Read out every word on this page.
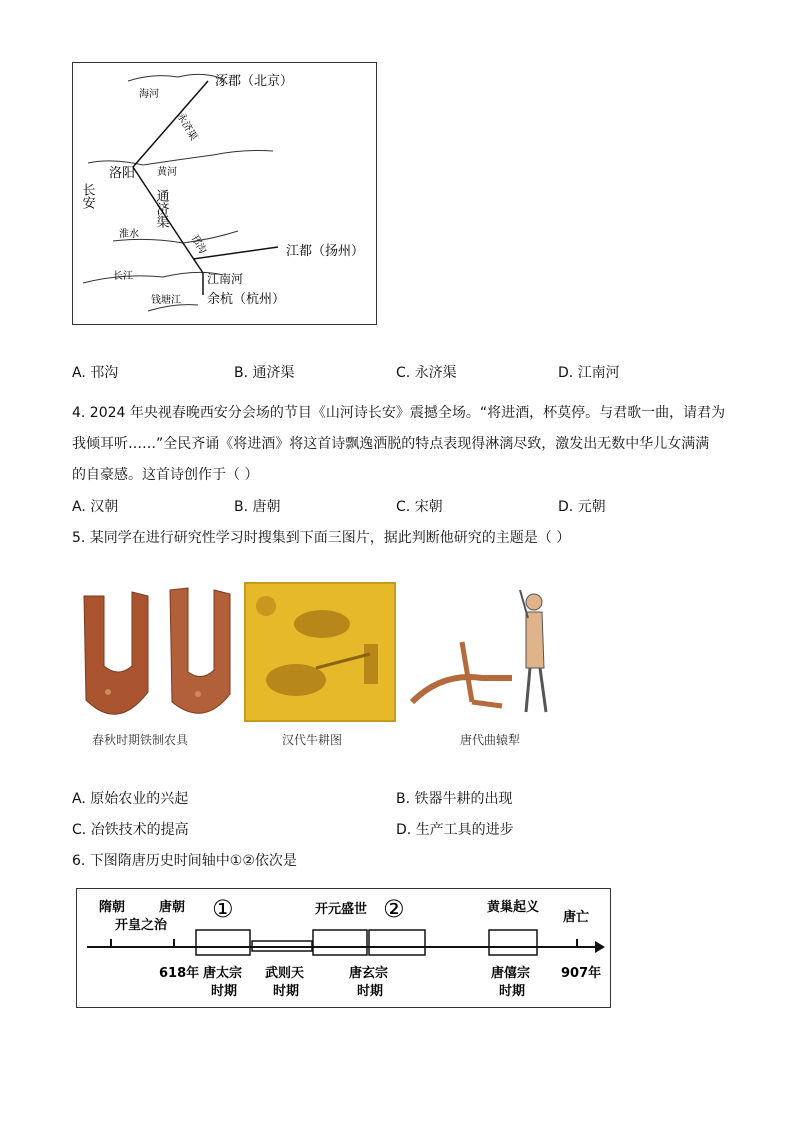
涿郡（北京）
海河
永济渠
洛阳 黄河
长安	通济渠
淮水	邗沟	江都（扬州）
长江	江南河
钱塘江 余杭（杭州）
A. 邗沟	B. 通济渠	C. 永济渠	D. 江南河
4. 2024 年央视春晚西安分会场的节目《山河诗长安》震撼全场。“将进酒，杯莫停。与君歌一曲，请君为
我倾耳听……”全民齐诵《将进酒》将这首诗飘逸洒脱的特点表现得淋漓尽致，激发出无数中华儿女满满
的自豪感。这首诗创作于（ ）
A. 汉朝	B. 唐朝	C. 宋朝	D. 元朝
5. 某同学在进行研究性学习时搜集到下面三图片，据此判断他研究的主题是（ ）
春秋时期铁制农具	汉代牛耕图	唐代曲辕犁
A. 原始农业的兴起	B. 铁器牛耕的出现
C. 冶铁技术的提高	D. 生产工具的进步
6. 下图隋唐历史时间轴中①②依次是
隋朝
开皇之治
唐朝
618年
①	开元盛世 ②	黄巢起义
唐亡
907年
唐太宗
时期
武则天
时期
唐玄宗
时期
唐僖宗
时期
